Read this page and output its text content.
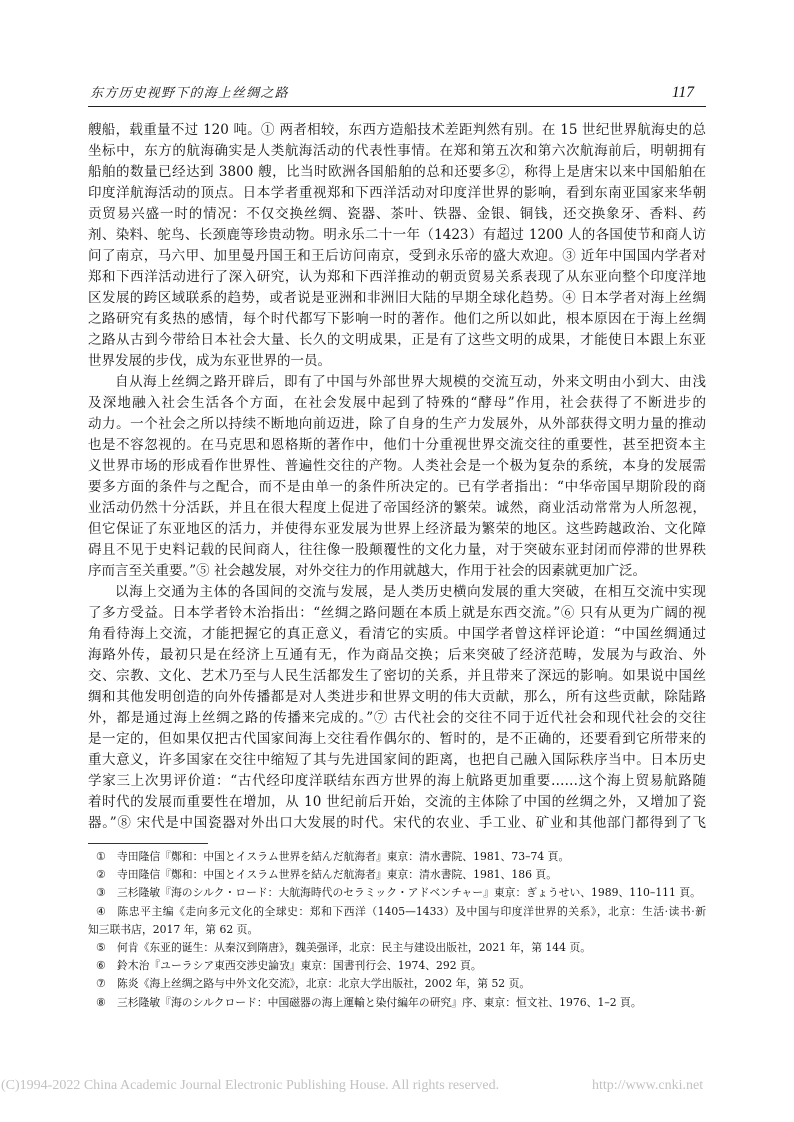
东方历史视野下的海上丝绸之路	117
艘船，载重量不过 120 吨。① 两者相较，东西方造船技术差距判然有别。在 15 世纪世界航海史的总
坐标中，东方的航海确实是人类航海活动的代表性事情。在郑和第五次和第六次航海前后，明朝拥有
船舶的数量已经达到 3800 艘，比当时欧洲各国船舶的总和还要多②，称得上是唐宋以来中国船舶在
印度洋航海活动的顶点。日本学者重视郑和下西洋活动对印度洋世界的影响，看到东南亚国家来华朝
贡贸易兴盛一时的情况：不仅交换丝绸、瓷器、茶叶、铁器、金银、铜钱，还交换象牙、香料、药
剂、染料、鸵鸟、长颈鹿等珍贵动物。明永乐二十一年（1423）有超过 1200 人的各国使节和商人访
问了南京，马六甲、加里曼丹国王和王后访问南京，受到永乐帝的盛大欢迎。③ 近年中国国内学者对
郑和下西洋活动进行了深入研究，认为郑和下西洋推动的朝贡贸易关系表现了从东亚向整个印度洋地
区发展的跨区域联系的趋势，或者说是亚洲和非洲旧大陆的早期全球化趋势。④ 日本学者对海上丝绸
之路研究有炙热的感情，每个时代都写下影响一时的著作。他们之所以如此，根本原因在于海上丝绸
之路从古到今带给日本社会大量、长久的文明成果，正是有了这些文明的成果，才能使日本跟上东亚
世界发展的步伐，成为东亚世界的一员。
自从海上丝绸之路开辟后，即有了中国与外部世界大规模的交流互动，外来文明由小到大、由浅
及深地融入社会生活各个方面，在社会发展中起到了特殊的“酵母”作用，社会获得了不断进步的
动力。一个社会之所以持续不断地向前迈进，除了自身的生产力发展外，从外部获得文明力量的推动
也是不容忽视的。在马克思和恩格斯的著作中，他们十分重视世界交流交往的重要性，甚至把资本主
义世界市场的形成看作世界性、普遍性交往的产物。人类社会是一个极为复杂的系统，本身的发展需
要多方面的条件与之配合，而不是由单一的条件所决定的。已有学者指出：“中华帝国早期阶段的商
业活动仍然十分活跃，并且在很大程度上促进了帝国经济的繁荣。诚然，商业活动常常为人所忽视，
但它保证了东亚地区的活力，并使得东亚发展为世界上经济最为繁荣的地区。这些跨越政治、文化障
碍且不见于史料记载的民间商人，往往像一股颠覆性的文化力量，对于突破东亚封闭而停滞的世界秩
序而言至关重要。”⑤ 社会越发展，对外交往力的作用就越大，作用于社会的因素就更加广泛。
以海上交通为主体的各国间的交流与发展，是人类历史横向发展的重大突破，在相互交流中实现
了多方受益。日本学者铃木治指出：“丝绸之路问题在本质上就是东西交流。”⑥ 只有从更为广阔的视
角看待海上交流，才能把握它的真正意义，看清它的实质。中国学者曾这样评论道：“中国丝绸通过
海路外传，最初只是在经济上互通有无，作为商品交换；后来突破了经济范畴，发展为与政治、外
交、宗教、文化、艺术乃至与人民生活都发生了密切的关系，并且带来了深远的影响。如果说中国丝
绸和其他发明创造的向外传播都是对人类进步和世界文明的伟大贡献，那么，所有这些贡献，除陆路
外，都是通过海上丝绸之路的传播来完成的。”⑦ 古代社会的交往不同于近代社会和现代社会的交往
是一定的，但如果仅把古代国家间海上交往看作偶尔的、暂时的，是不正确的，还要看到它所带来的
重大意义，许多国家在交往中缩短了其与先进国家间的距离，也把自己融入国际秩序当中。日本历史
学家三上次男评价道：“古代经印度洋联结东西方世界的海上航路更加重要……这个海上贸易航路随
着时代的发展而重要性在增加，从 10 世纪前后开始，交流的主体除了中国的丝绸之外，又增加了瓷
器。”⑧ 宋代是中国瓷器对外出口大发展的时代。宋代的农业、手工业、矿业和其他部门都得到了飞
① 寺田隆信『鄭和：中国とイスラム世界を結んだ航海者』東京：清水書院、1981、73–74 頁。
② 寺田隆信『鄭和：中国とイスラム世界を結んだ航海者』東京：清水書院、1981、186 頁。
③ 三杉隆敏『海のシルク・ロード：大航海時代のセラミック・アドベンチャー』東京：ぎょうせい、1989、110–111 頁。
④ 陈忠平主编《走向多元文化的全球史：郑和下西洋（1405—1433）及中国与印度洋世界的关系》，北京：生活·读书·新
知三联书店，2017 年，第 62 页。
⑤ 何肯《东亚的诞生：从秦汉到隋唐》，魏美强译，北京：民主与建设出版社，2021 年，第 144 页。
⑥ 鈴木治『ユーラシア東西交渉史論攷』東京：国書刊行会、1974、292 頁。
⑦ 陈炎《海上丝绸之路与中外文化交流》，北京：北京大学出版社，2002 年，第 52 页。
⑧ 三杉隆敏『海のシルクロード：中国磁器の海上運輸と染付編年の研究』序、東京：恒文社、1976、1–2 頁。
(C)1994-2022 China Academic Journal Electronic Publishing House. All rights reserved.	http://www.cnki.net
